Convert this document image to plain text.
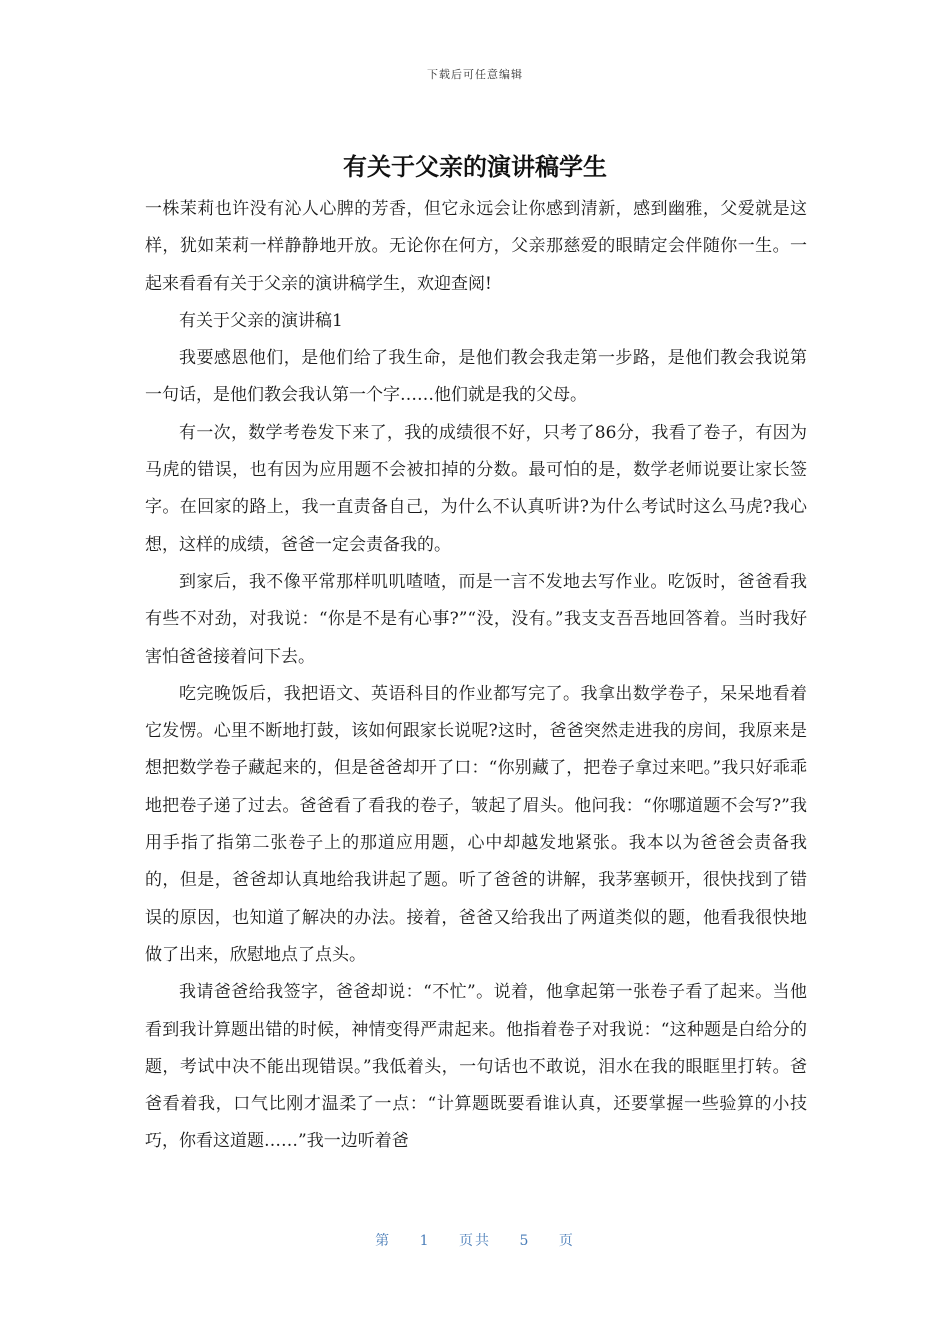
下载后可任意编辑
有关于父亲的演讲稿学生

一株茉莉也许没有沁人心脾的芳香，但它永远会让你感到清新，感到幽雅，父爱就是这样，犹如茉莉一样静静地开放。无论你在何方，父亲那慈爱的眼睛定会伴随你一生。一起来看看有关于父亲的演讲稿学生，欢迎查阅!

有关于父亲的演讲稿1

我要感恩他们，是他们给了我生命，是他们教会我走第一步路，是他们教会我说第一句话，是他们教会我认第一个字……他们就是我的父母。

有一次，数学考卷发下来了，我的成绩很不好，只考了86分，我看了卷子，有因为马虎的错误，也有因为应用题不会被扣掉的分数。最可怕的是，数学老师说要让家长签字。在回家的路上，我一直责备自己，为什么不认真听讲?为什么考试时这么马虎?我心想，这样的成绩，爸爸一定会责备我的。

到家后，我不像平常那样叽叽喳喳，而是一言不发地去写作业。吃饭时，爸爸看我有些不对劲，对我说：“你是不是有心事?”“没，没有。”我支支吾吾地回答着。当时我好害怕爸爸接着问下去。

吃完晚饭后，我把语文、英语科目的作业都写完了。我拿出数学卷子，呆呆地看着它发愣。心里不断地打鼓，该如何跟家长说呢?这时，爸爸突然走进我的房间，我原来是想把数学卷子藏起来的，但是爸爸却开了口：“你别藏了，把卷子拿过来吧。”我只好乖乖地把卷子递了过去。爸爸看了看我的卷子，皱起了眉头。他问我：“你哪道题不会写?”我用手指了指第二张卷子上的那道应用题，心中却越发地紧张。我本以为爸爸会责备我的，但是，爸爸却认真地给我讲起了题。听了爸爸的讲解，我茅塞顿开，很快找到了错误的原因，也知道了解决的办法。接着，爸爸又给我出了两道类似的题，他看我很快地做了出来，欣慰地点了点头。

我请爸爸给我签字，爸爸却说：“不忙”。说着，他拿起第一张卷子看了起来。当他看到我计算题出错的时候，神情变得严肃起来。他指着卷子对我说：“这种题是白给分的题，考试中决不能出现错误。”我低着头，一句话也不敢说，泪水在我的眼眶里打转。爸爸看着我，口气比刚才温柔了一点：“计算题既要看谁认真，还要掌握一些验算的小技巧，你看这道题……”我一边听着爸

第 1 页共 5 页
